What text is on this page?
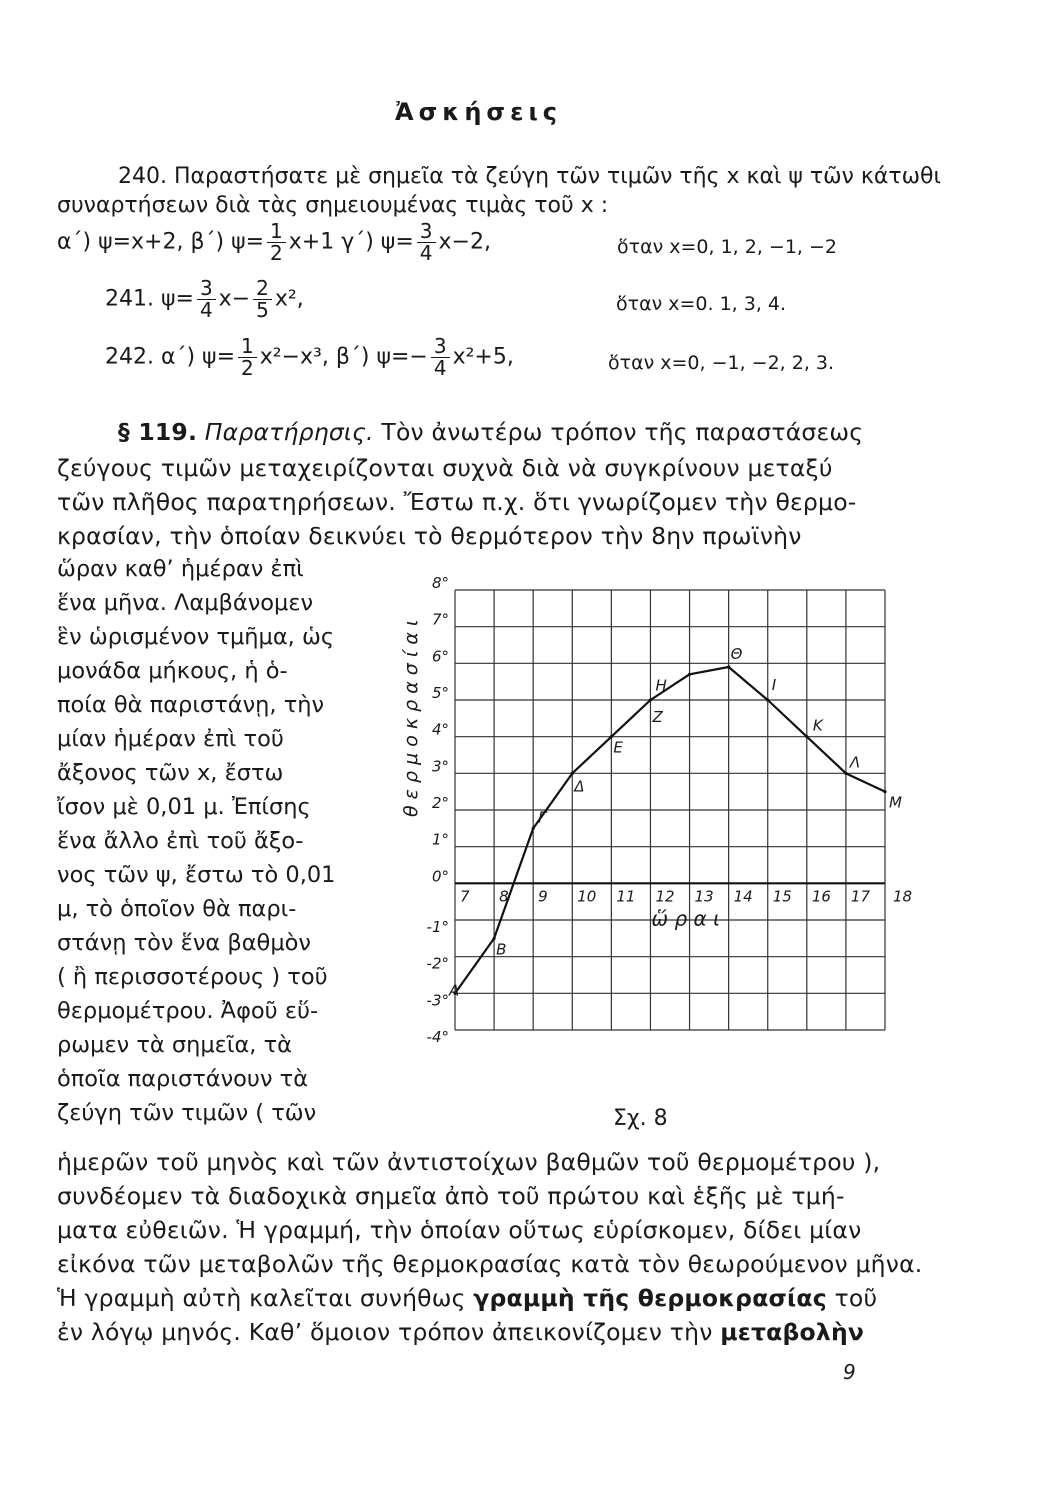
Ἀσκήσεις
240. Παραστήσατε μὲ σημεῖα τὰ ζεύγη τῶν τιμῶν τῆς x καὶ ψ τῶν κάτωθι
συναρτήσεων διὰ τὰς σημειουμένας τιμὰς τοῦ x :
α΄) ψ=x+2, β΄) $\psi= \frac{1}{2} x+1$ γ΄) $\psi= \frac{3}{4} x-2$,	ὅταν x=0, 1, 2, −1, −2
241. $\psi= \frac{3}{4} x- \frac{2}{5} x^2$,	ὅταν x=0. 1, 3, 4.
242. α΄) $\psi= \frac{1}{2} x^2-x^3$, β΄) $\psi=- \frac{3}{4} x^2+5$,	ὅταν x=0, −1, −2, 2, 3.
§ 119. Παρατήρησις. Τὸν ἀνωτέρω τρόπον τῆς παραστάσεως
ζεύγους τιμῶν μεταχειρίζονται συχνὰ διὰ νὰ συγκρίνουν μεταξύ
τῶν πλῆθος παρατηρήσεων. Ἔστω π.χ. ὅτι γνωρίζομεν τὴν θερμο-
κρασίαν, τὴν ὁποίαν δεικνύει τὸ θερμότερον τὴν 8ην πρωϊνὴν
ὥραν καθ’ ἡμέραν ἐπὶ
ἕνα μῆνα. Λαμβάνομεν
ἓν ὡρισμένον τμῆμα, ὡς
μονάδα μήκους, ἡ ὁ-
ποία θὰ παριστάνῃ, τὴν
μίαν ἡμέραν ἐπὶ τοῦ
ἄξονος τῶν x, ἔστω
ἴσον μὲ 0,01 μ. Ἐπίσης
ἕνα ἄλλο ἐπὶ τοῦ ἄξο-
νος τῶν ψ, ἔστω τὸ 0,01
μ, τὸ ὁποῖον θὰ παρι-
στάνῃ τὸν ἕνα βαθμὸν
( ἢ περισσοτέρους ) τοῦ
θερμομέτρου. Ἀφοῦ εὕ-
ρωμεν τὰ σημεῖα, τὰ
ὁποῖα παριστάνουν τὰ
ζεύγη τῶν τιμῶν ( τῶν
8°
7°
6°
5°
4°
3°
2°
1°
0°
-1°
-2°
-3°
-4°
7 8 9 10 11 12 13 14 15 16 17 18
ὥ ρ α ι
θ ε ρ μ ο κ ρ α σ ί α ι
A
B
Γ
Δ
E
Z
H
Θ
I
K
Λ
M
Σχ. 8
ἡμερῶν τοῦ μηνὸς καὶ τῶν ἀντιστοίχων βαθμῶν τοῦ θερμομέτρου ),
συνδέομεν τὰ διαδοχικὰ σημεῖα ἀπὸ τοῦ πρώτου καὶ ἑξῆς μὲ τμή-
ματα εὐθειῶν. Ἡ γραμμή, τὴν ὁποίαν οὕτως εὑρίσκομεν, δίδει μίαν
εἰκόνα τῶν μεταβολῶν τῆς θερμοκρασίας κατὰ τὸν θεωρούμενον μῆνα.
Ἡ γραμμὴ αὐτὴ καλεῖται συνήθως γραμμὴ τῆς θερμοκρασίας τοῦ
ἐν λόγῳ μηνός. Καθ’ ὅμοιον τρόπον ἀπεικονίζομεν τὴν μεταβολὴν
9
